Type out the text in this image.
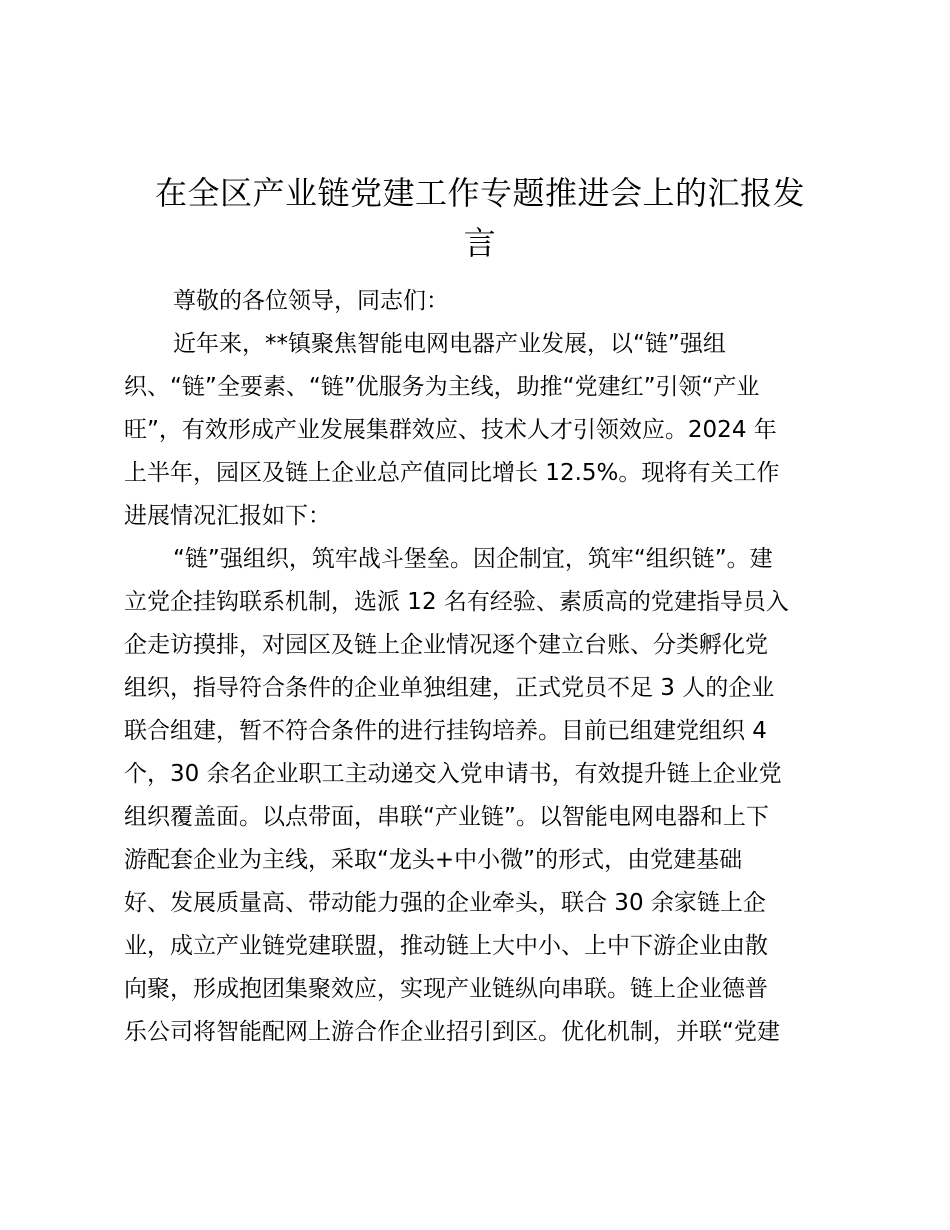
在全区产业链党建工作专题推进会上的汇报发
言
尊敬的各位领导，同志们：
近年来，**镇聚焦智能电网电器产业发展，以“链”强组
织、“链”全要素、“链”优服务为主线，助推“党建红”引领“产业
旺”，有效形成产业发展集群效应、技术人才引领效应。2024 年
上半年，园区及链上企业总产值同比增长 12.5%。现将有关工作
进展情况汇报如下：
“链”强组织，筑牢战斗堡垒。因企制宜，筑牢“组织链”。建
立党企挂钩联系机制，选派 12 名有经验、素质高的党建指导员入
企走访摸排，对园区及链上企业情况逐个建立台账、分类孵化党
组织，指导符合条件的企业单独组建，正式党员不足 3 人的企业
联合组建，暂不符合条件的进行挂钩培养。目前已组建党组织 4
个，30 余名企业职工主动递交入党申请书，有效提升链上企业党
组织覆盖面。以点带面，串联“产业链”。以智能电网电器和上下
游配套企业为主线，采取“龙头+中小微”的形式，由党建基础
好、发展质量高、带动能力强的企业牵头，联合 30 余家链上企
业，成立产业链党建联盟，推动链上大中小、上中下游企业由散
向聚，形成抱团集聚效应，实现产业链纵向串联。链上企业德普
乐公司将智能配网上游合作企业招引到区。优化机制，并联“党建
